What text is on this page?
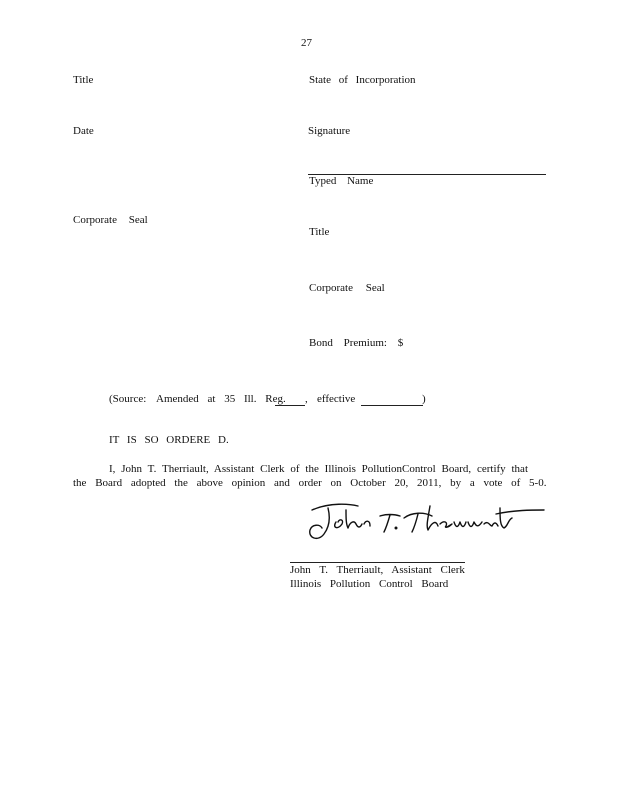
27
Title
Date
Corporate Seal
State of Incorporation
Signature
Typed Name
Title
Corporate Seal
Bond Premium: $
(Source: Amended at 35 Ill. Reg. , effective	)
IT IS SO ORDERE D.
I, John T. Therriault, Assistant Clerk of the Illinois PollutionControl Board, certify that
the Board adopted the above opinion and order on October 20, 2011, by a vote of 5-0.
John T. Therriault, Assistant Clerk
Illinois Pollution Control Board
